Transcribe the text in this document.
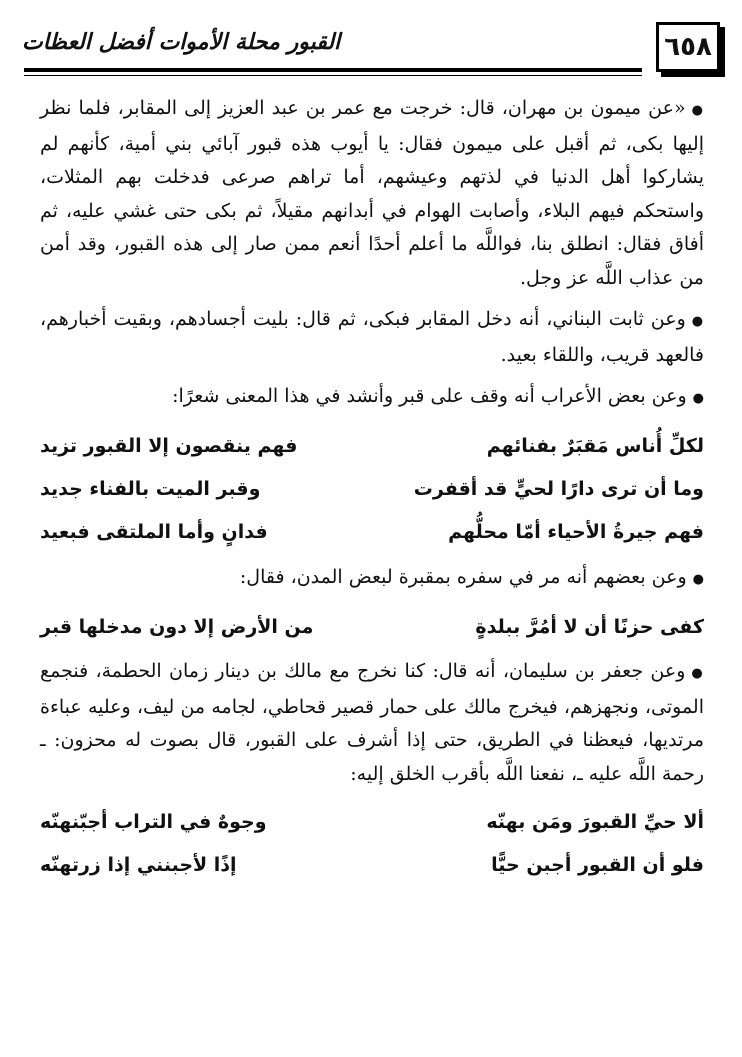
٦٥٨
القبور محلة الأموات أفضل العظات

●«عن ميمون بن مهران، قال: خرجت مع عمر بن عبد العزيز إلى المقابر، فلما نظر إليها بكى، ثم أقبل على ميمون فقال: يا أيوب هذه قبور آبائي بني أمية، كأنهم لم يشاركوا أهل الدنيا في لذتهم وعيشهم، أما تراهم صرعى فدخلت بهم المثلات، واستحكم فيهم البلاء، وأصابت الهوام في أبدانهم مقيلاً، ثم بكى حتى غشي عليه، ثم أفاق فقال: انطلق بنا، فواللَّه ما أعلم أحدًا أنعم ممن صار إلى هذه القبور، وقد أمن من عذاب اللَّه عز وجل.

●وعن ثابت البناني، أنه دخل المقابر فبكى، ثم قال: بليت أجسادهم، وبقيت أخبارهم، فالعهد قريب، واللقاء بعيد.

●وعن بعض الأعراب أنه وقف على قبر وأنشد في هذا المعنى شعرًا:

لكلِّ أُناس مَقبَرٌ بفنائهم
فهم ينقصون إلا القبور تزيد
وما أن ترى دارًا لحيٍّ قد أقفرت
وقبر الميت بالفناء جديد
فهم جيرةُ الأحياء أمّا محلُّهم
فدانٍ وأما الملتقى فبعيد

●وعن بعضهم أنه مر في سفره بمقبرة لبعض المدن، فقال:

كفى حزنًا أن لا أمُرَّ ببلدةٍ
من الأرض إلا دون مدخلها قبر

●وعن جعفر بن سليمان، أنه قال: كنا نخرج مع مالك بن دينار زمان الحطمة، فنجمع الموتى، ونجهزهم، فيخرج مالك على حمار قصير قحاطي، لجامه من ليف، وعليه عباءة مرتديها، فيعظنا في الطريق، حتى إذا أشرف على القبور، قال بصوت له محزون: ـ رحمة اللَّه عليه ـ، نفعنا اللَّه بأقرب الخلق إليه:

ألا حيِّ القبورَ ومَن بهنّه
وجوهٌ في التراب أجبّنهنّه
فلو أن القبور أجبن حيًّا
إذًا لأجبنني إذا زرتهنّه
